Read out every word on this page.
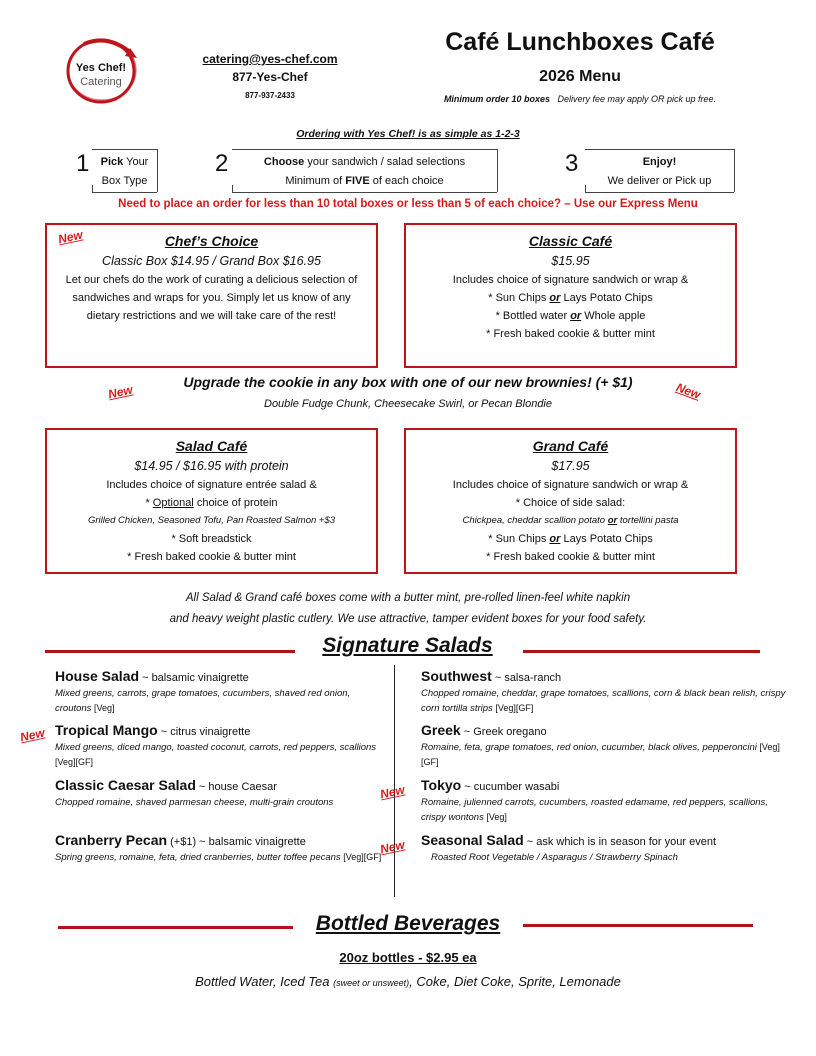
Yes Chef!
Catering
catering@yes-chef.com
877-Yes-Chef
877-937-2433
Café Lunchboxes Café
2026 Menu
Minimum order 10 boxes Delivery fee may apply OR pick up free.
Ordering with Yes Chef! is as simple as 1-2-3
1	Pick Your
Box Type
2	Choose your sandwich / salad selections
Minimum of FIVE of each choice
3	Enjoy!
We deliver or Pick up
Need to place an order for less than 10 total boxes or less than 5 of each choice? – Use our Express Menu
Chef’s Choice
Classic Box $14.95 / Grand Box $16.95
Let our chefs do the work of curating a delicious selection of sandwiches and wraps for you. Simply let us know of any dietary restrictions and we will take care of the rest!
New	Classic Café
$15.95
Includes choice of signature sandwich or wrap &
* Sun Chips or Lays Potato Chips
* Bottled water or Whole apple
* Fresh baked cookie & butter mint
Upgrade the cookie in any box with one of our new brownies! (+ $1)
Double Fudge Chunk, Cheesecake Swirl, or Pecan Blondie
New	New
Salad Café
$14.95 / $16.95 with protein
Includes choice of signature entrée salad &
* Optional choice of protein
Grilled Chicken, Seasoned Tofu, Pan Roasted Salmon +$3
* Soft breadstick
* Fresh baked cookie & butter mint
Grand Café
$17.95
Includes choice of signature sandwich or wrap &
* Choice of side salad:
Chickpea, cheddar scallion potato or tortellini pasta
* Sun Chips or Lays Potato Chips
* Fresh baked cookie & butter mint
All Salad & Grand café boxes come with a butter mint, pre-rolled linen-feel white napkin
and heavy weight plastic cutlery. We use attractive, tamper evident boxes for your food safety.
Signature Salads
House Salad ~ balsamic vinaigrette
Mixed greens, carrots, grape tomatoes, cucumbers, shaved red onion, croutons [Veg]
Tropical Mango ~ citrus vinaigrette
Mixed greens, diced mango, toasted coconut, carrots, red peppers, scallions [Veg][GF]
New
Classic Caesar Salad ~ house Caesar
Chopped romaine, shaved parmesan cheese, multi-grain croutons
Cranberry Pecan (+$1) ~ balsamic vinaigrette
Spring greens, romaine, feta, dried cranberries, butter toffee pecans [Veg][GF]
Southwest ~ salsa-ranch
Chopped romaine, cheddar, grape tomatoes, scallions, corn & black bean relish, crispy corn tortilla strips [Veg][GF]
Greek ~ Greek oregano
Romaine, feta, grape tomatoes, red onion, cucumber, black olives, pepperoncini [Veg][GF]
Tokyo ~ cucumber wasabi
Romaine, julienned carrots, cucumbers, roasted edamame, red peppers, scallions, crispy wontons [Veg]
New
Seasonal Salad ~ ask which is in season for your event
Roasted Root Vegetable / Asparagus / Strawberry Spinach
New
Bottled Beverages
20oz bottles - $2.95 ea
Bottled Water, Iced Tea (sweet or unsweet), Coke, Diet Coke, Sprite, Lemonade
